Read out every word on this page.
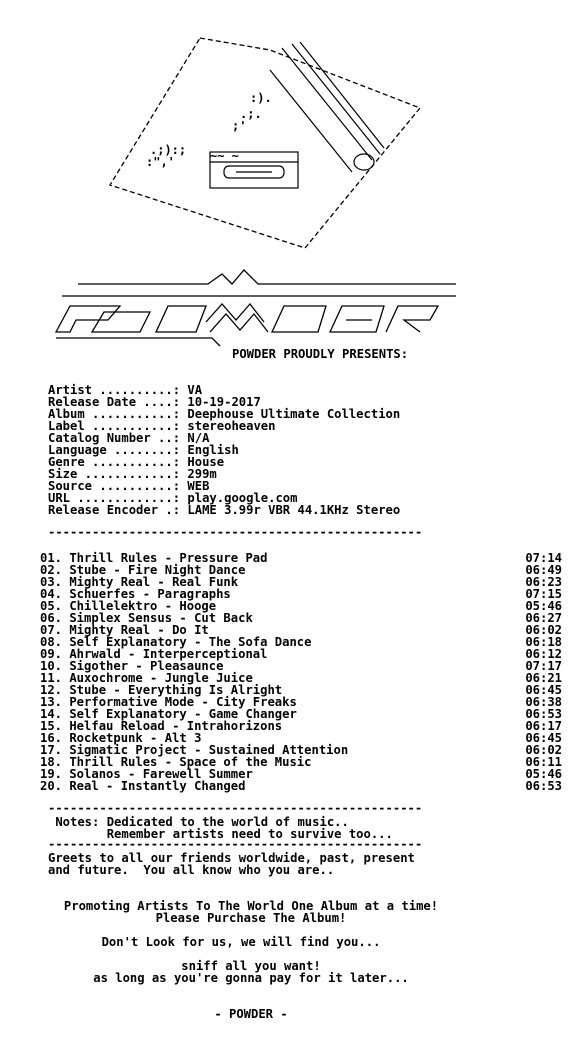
:).
.;.
;'
.;):;
:",'	~~ ~
POWDER PROUDLY PRESENTS:
Artist ..........: VA
Release Date ....: 10-19-2017
Album ...........: Deephouse Ultimate Collection
Label ...........: stereoheaven
Catalog Number ..: N/A
Language ........: English
Genre ...........: House
Size ............: 299m
Source ..........: WEB
URL .............: play.google.com
Release Encoder .: LAME 3.99r VBR 44.1KHz Stereo
---------------------------------------------------
01. Thrill Rules - Pressure Pad	07:14
02. Stube - Fire Night Dance	06:49
03. Mighty Real - Real Funk	06:23
04. Schuerfes - Paragraphs	07:15
05. Chillelektro - Hooge	05:46
06. Simplex Sensus - Cut Back	06:27
07. Mighty Real - Do It	06:02
08. Self Explanatory - The Sofa Dance	06:18
09. Ahrwald - Interperceptional	06:12
10. Sigother - Pleasaunce	07:17
11. Auxochrome - Jungle Juice	06:21
12. Stube - Everything Is Alright	06:45
13. Performative Mode - City Freaks	06:38
14. Self Explanatory - Game Changer	06:53
15. Helfau Reload - Intrahorizons	06:17
16. Rocketpunk - Alt 3	06:45
17. Sigmatic Project - Sustained Attention	06:02
18. Thrill Rules - Space of the Music	06:11
19. Solanos - Farewell Summer	05:46
20. Real - Instantly Changed	06:53
---------------------------------------------------
Notes: Dedicated to the world of music..
Remember artists need to survive too...
---------------------------------------------------
Greets to all our friends worldwide, past, present
and future.  You all know who you are..
Promoting Artists To The World One Album at a time!
Please Purchase The Album!
Don't Look for us, we will find you...
sniff all you want!
as long as you're gonna pay for it later...
- POWDER -
